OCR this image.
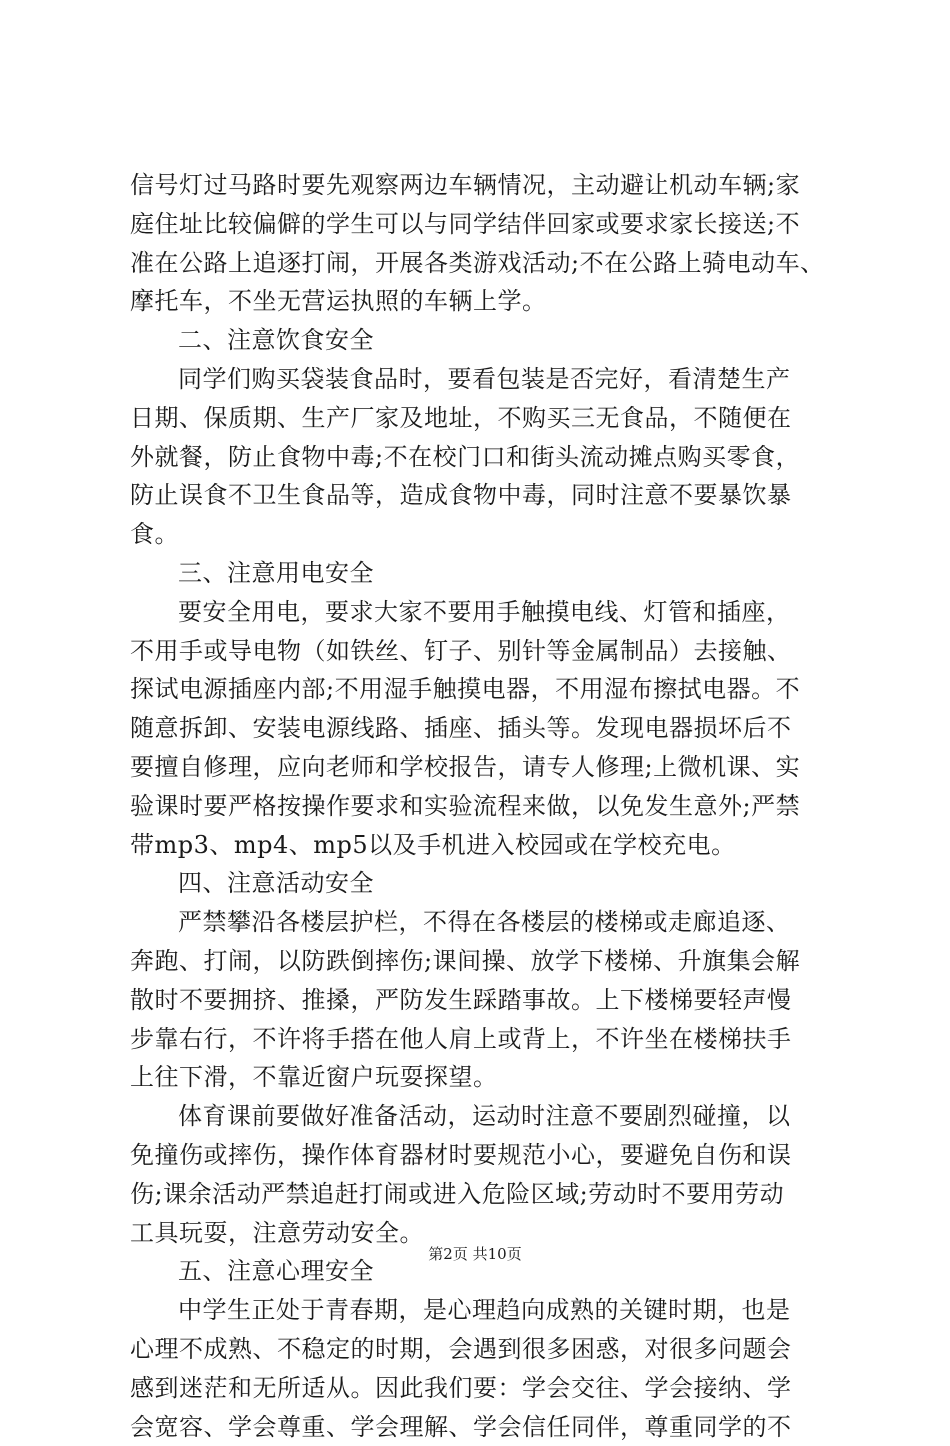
信号灯过马路时要先观察两边车辆情况，主动避让机动车辆;家
庭住址比较偏僻的学生可以与同学结伴回家或要求家长接送;不
准在公路上追逐打闹，开展各类游戏活动;不在公路上骑电动车、
摩托车，不坐无营运执照的车辆上学。
二、注意饮食安全
同学们购买袋装食品时，要看包装是否完好，看清楚生产
日期、保质期、生产厂家及地址，不购买三无食品，不随便在
外就餐，防止食物中毒;不在校门口和街头流动摊点购买零食，
防止误食不卫生食品等，造成食物中毒，同时注意不要暴饮暴
食。
三、注意用电安全
要安全用电，要求大家不要用手触摸电线、灯管和插座，
不用手或导电物（如铁丝、钉子、别针等金属制品）去接触、
探试电源插座内部;不用湿手触摸电器，不用湿布擦拭电器。不
随意拆卸、安装电源线路、插座、插头等。发现电器损坏后不
要擅自修理，应向老师和学校报告，请专人修理;上微机课、实
验课时要严格按操作要求和实验流程来做，以免发生意外;严禁
带mp3、mp4、mp5以及手机进入校园或在学校充电。
四、注意活动安全
严禁攀沿各楼层护栏，不得在各楼层的楼梯或走廊追逐、
奔跑、打闹，以防跌倒摔伤;课间操、放学下楼梯、升旗集会解
散时不要拥挤、推搡，严防发生踩踏事故。上下楼梯要轻声慢
步靠右行，不许将手搭在他人肩上或背上，不许坐在楼梯扶手
上往下滑，不靠近窗户玩耍探望。
体育课前要做好准备活动，运动时注意不要剧烈碰撞，以
免撞伤或摔伤，操作体育器材时要规范小心，要避免自伤和误
伤;课余活动严禁追赶打闹或进入危险区域;劳动时不要用劳动
工具玩耍，注意劳动安全。
五、注意心理安全
中学生正处于青春期，是心理趋向成熟的关键时期，也是
心理不成熟、不稳定的时期，会遇到很多困惑，对很多问题会
感到迷茫和无所适从。因此我们要：学会交往、学会接纳、学
会宽容、学会尊重、学会理解、学会信任同伴，尊重同学的不
第2页 共10页
